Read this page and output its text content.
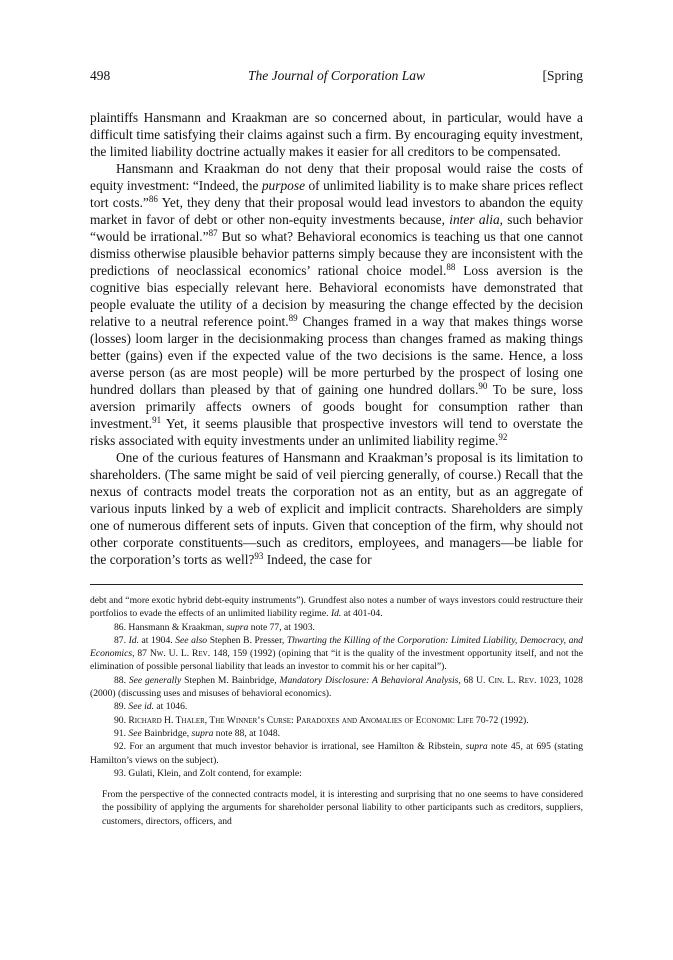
498	The Journal of Corporation Law	[Spring

plaintiffs Hansmann and Kraakman are so concerned about, in particular, would have a difficult time satisfying their claims against such a firm. By encouraging equity investment, the limited liability doctrine actually makes it easier for all creditors to be compensated.

Hansmann and Kraakman do not deny that their proposal would raise the costs of equity investment: “Indeed, the purpose of unlimited liability is to make share prices reflect tort costs.”$^{86}$ Yet, they deny that their proposal would lead investors to abandon the equity market in favor of debt or other non-equity investments because, inter alia, such behavior “would be irrational.”$^{87}$ But so what? Behavioral economics is teaching us that one cannot dismiss otherwise plausible behavior patterns simply because they are inconsistent with the predictions of neoclassical economics’ rational choice model.$^{88}$ Loss aversion is the cognitive bias especially relevant here. Behavioral economists have demonstrated that people evaluate the utility of a decision by measuring the change effected by the decision relative to a neutral reference point.$^{89}$ Changes framed in a way that makes things worse (losses) loom larger in the decisionmaking process than changes framed as making things better (gains) even if the expected value of the two decisions is the same. Hence, a loss averse person (as are most people) will be more perturbed by the prospect of losing one hundred dollars than pleased by that of gaining one hundred dollars.$^{90}$ To be sure, loss aversion primarily affects owners of goods bought for consumption rather than investment.$^{91}$ Yet, it seems plausible that prospective investors will tend to overstate the risks associated with equity investments under an unlimited liability regime.$^{92}$

One of the curious features of Hansmann and Kraakman’s proposal is its limitation to shareholders. (The same might be said of veil piercing generally, of course.) Recall that the nexus of contracts model treats the corporation not as an entity, but as an aggregate of various inputs linked by a web of explicit and implicit contracts. Shareholders are simply one of numerous different sets of inputs. Given that conception of the firm, why should not other corporate constituents—such as creditors, employees, and managers—be liable for the corporation’s torts as well?$^{93}$ Indeed, the case for

debt and “more exotic hybrid debt-equity instruments”). Grundfest also notes a number of ways investors could restructure their portfolios to evade the effects of an unlimited liability regime. Id. at 401-04.

86. Hansmann & Kraakman, supra note 77, at 1903.

87. Id. at 1904. See also Stephen B. Presser, Thwarting the Killing of the Corporation: Limited Liability, Democracy, and Economics, 87 Nw. U. L. Rev. 148, 159 (1992) (opining that “it is the quality of the investment opportunity itself, and not the elimination of possible personal liability that leads an investor to commit his or her capital”).

88. See generally Stephen M. Bainbridge, Mandatory Disclosure: A Behavioral Analysis, 68 U. Cin. L. Rev. 1023, 1028 (2000) (discussing uses and misuses of behavioral economics).

89. See id. at 1046.

90. Richard H. Thaler, The Winner’s Curse: Paradoxes and Anomalies of Economic Life 70-72 (1992).

91. See Bainbridge, supra note 88, at 1048.

92. For an argument that much investor behavior is irrational, see Hamilton & Ribstein, supra note 45, at 695 (stating Hamilton’s views on the subject).

93. Gulati, Klein, and Zolt contend, for example:

From the perspective of the connected contracts model, it is interesting and surprising that no one seems to have considered the possibility of applying the arguments for shareholder personal liability to other participants such as creditors, suppliers, customers, directors, officers, and
